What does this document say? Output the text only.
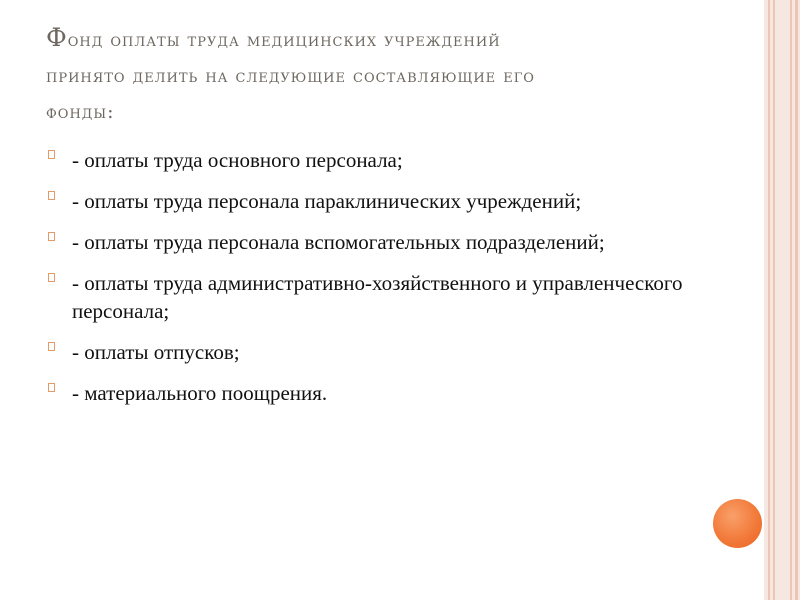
Фонд оплаты труда медицинских учреждений
принято делить на следующие составляющие его
фонды:
- оплаты труда основного персонала;
- оплаты труда персонала параклинических учреждений;
- оплаты труда персонала вспомогательных подразделений;
- оплаты труда административно-хозяйственного и управленческого персонала;
- оплаты отпусков;
- материального поощрения.
